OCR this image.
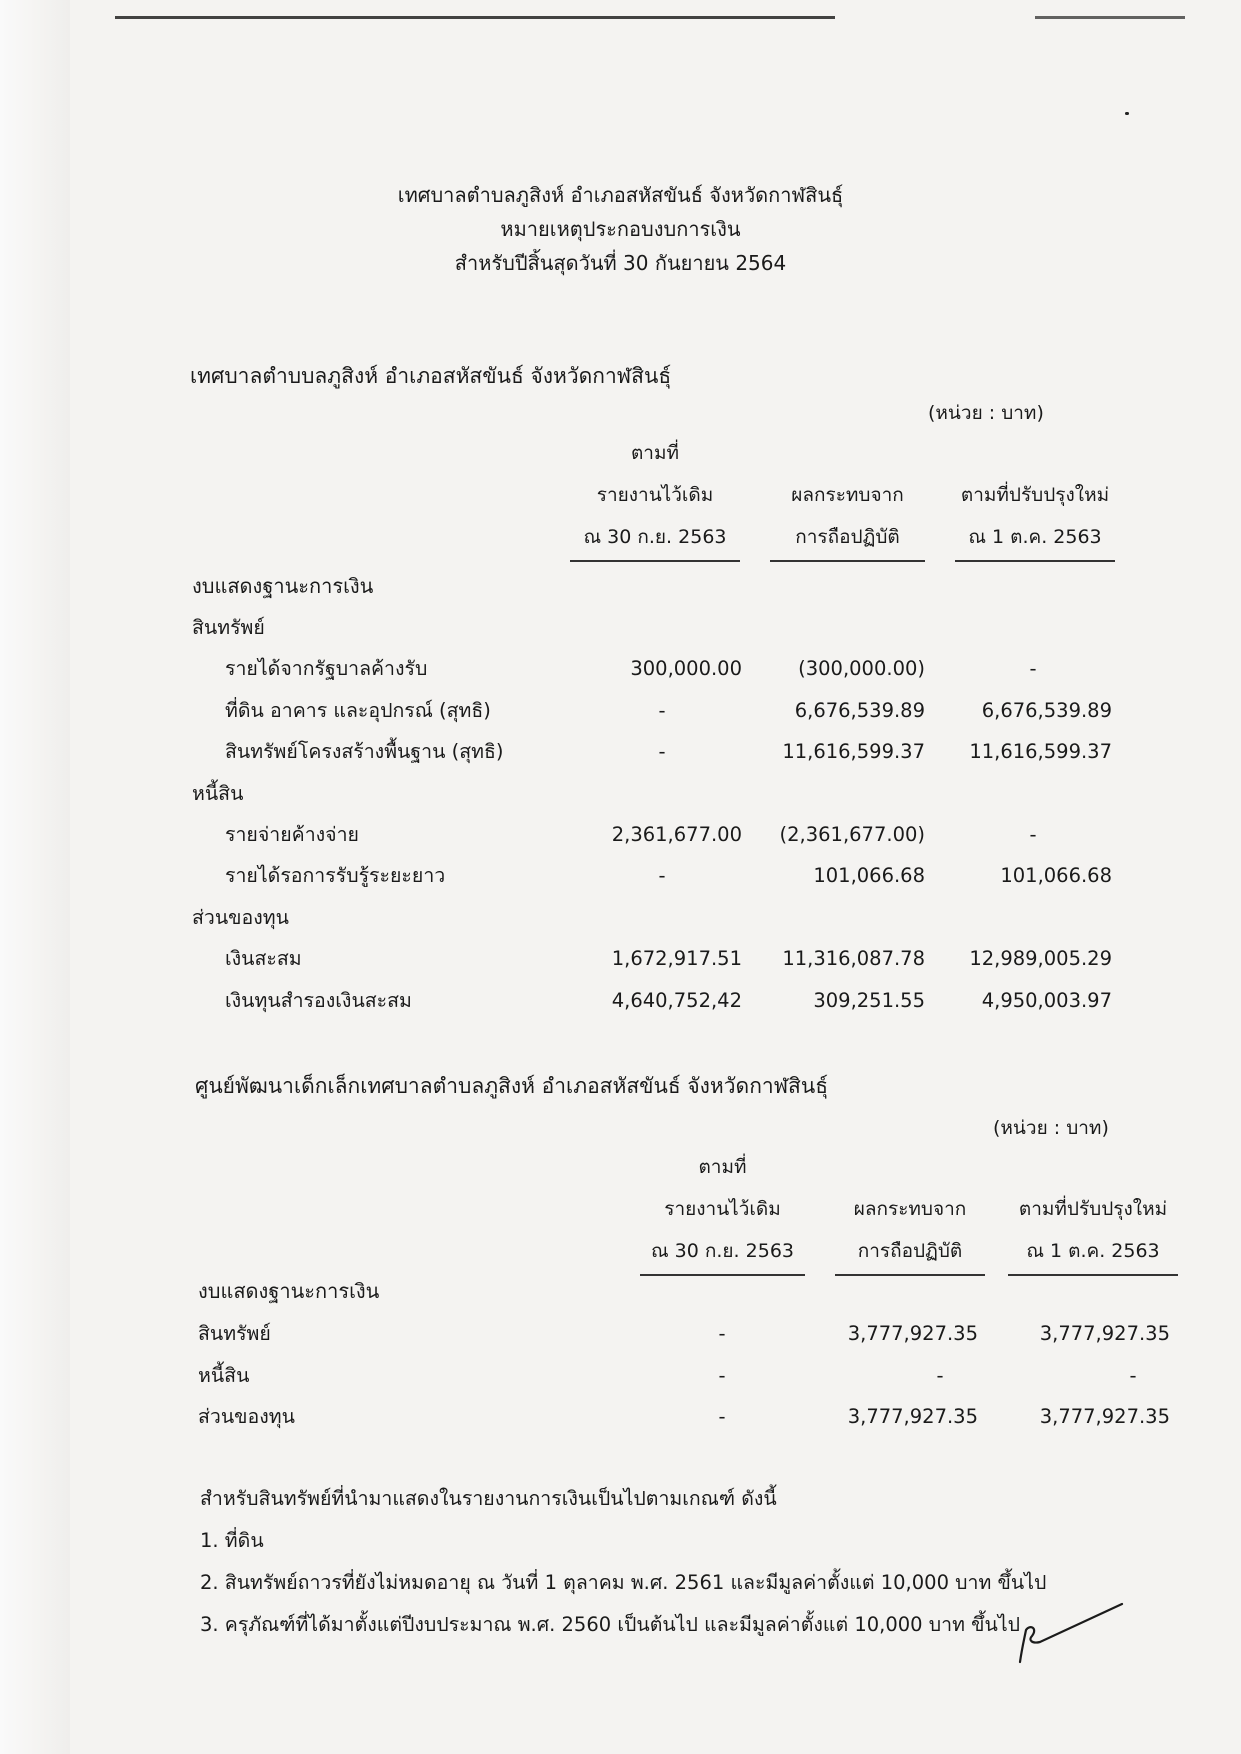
เทศบาลตำบลภูสิงห์ อำเภอสหัสขันธ์ จังหวัดกาฬสินธุ์
หมายเหตุประกอบงบการเงิน
สำหรับปีสิ้นสุดวันที่ 30 กันยายน 2564
เทศบาลตำบบลภูสิงห์ อำเภอสหัสขันธ์ จังหวัดกาฬสินธุ์
(หน่วย : บาท)
ตามที่
รายงานไว้เดิม
ณ 30 ก.ย. 2563
ผลกระทบจาก
การถือปฏิบัติ
ตามที่ปรับปรุงใหม่
ณ 1 ต.ค. 2563
งบแสดงฐานะการเงิน
สินทรัพย์
รายได้จากรัฐบาลค้างรับ	300,000.00	(300,000.00)	-
ที่ดิน อาคาร และอุปกรณ์ (สุทธิ)	-	6,676,539.89	6,676,539.89
สินทรัพย์โครงสร้างพื้นฐาน (สุทธิ)	-	11,616,599.37	11,616,599.37
หนี้สิน
รายจ่ายค้างจ่าย	2,361,677.00	(2,361,677.00)	-
รายได้รอการรับรู้ระยะยาว	-	101,066.68	101,066.68
ส่วนของทุน
เงินสะสม	1,672,917.51	11,316,087.78	12,989,005.29
เงินทุนสำรองเงินสะสม	4,640,752,42	309,251.55	4,950,003.97
ศูนย์พัฒนาเด็กเล็กเทศบาลตำบลภูสิงห์ อำเภอสหัสขันธ์ จังหวัดกาฬสินธุ์
(หน่วย : บาท)
ตามที่
รายงานไว้เดิม
ณ 30 ก.ย. 2563
ผลกระทบจาก
การถือปฏิบัติ
ตามที่ปรับปรุงใหม่
ณ 1 ต.ค. 2563
งบแสดงฐานะการเงิน
สินทรัพย์	-	3,777,927.35	3,777,927.35
หนี้สิน	-	-	-
ส่วนของทุน	-	3,777,927.35	3,777,927.35
สำหรับสินทรัพย์ที่นำมาแสดงในรายงานการเงินเป็นไปตามเกณฑ์ ดังนี้
1. ที่ดิน
2. สินทรัพย์ถาวรที่ยังไม่หมดอายุ ณ วันที่ 1 ตุลาคม พ.ศ. 2561 และมีมูลค่าตั้งแต่ 10,000 บาท ขึ้นไป
3. ครุภัณฑ์ที่ได้มาตั้งแต่ปีงบประมาณ พ.ศ. 2560 เป็นต้นไป และมีมูลค่าตั้งแต่ 10,000 บาท ขึ้นไป
